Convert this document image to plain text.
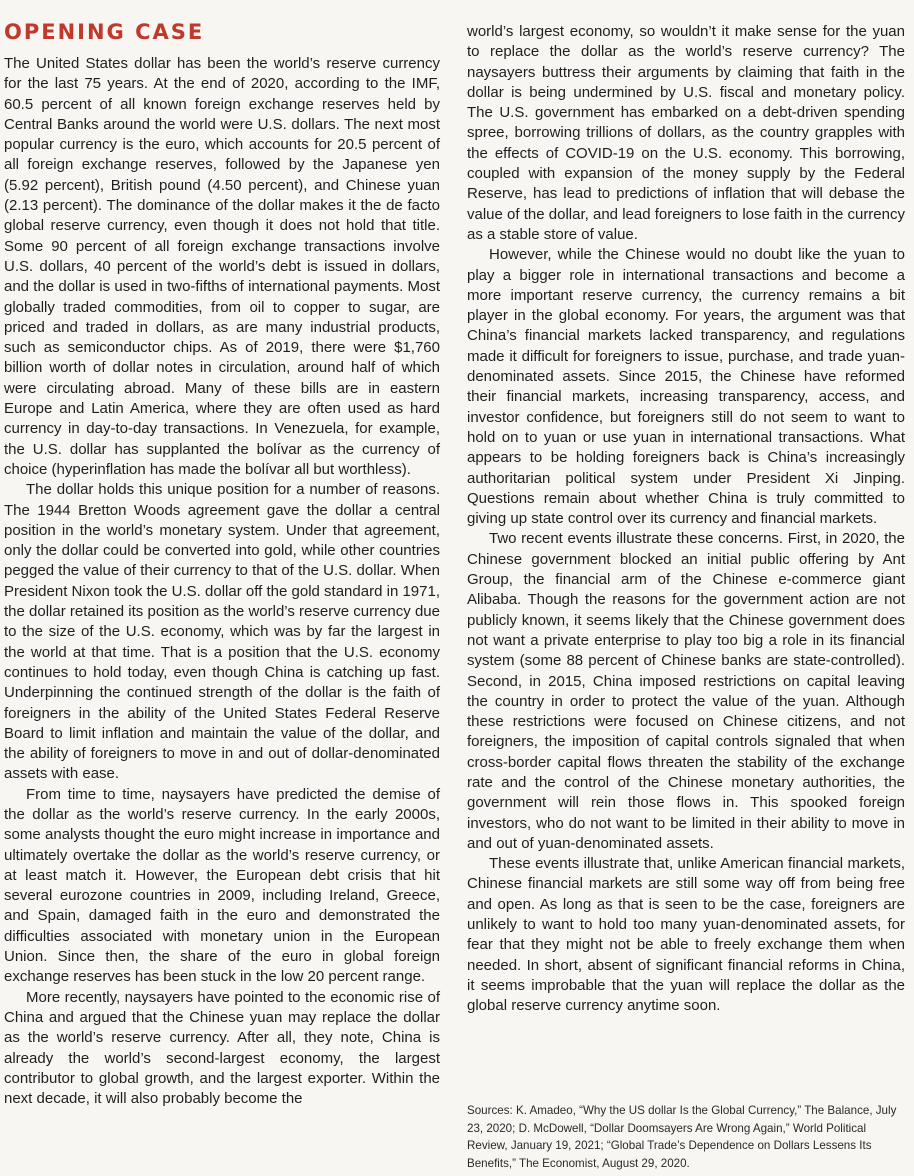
OPENING CASE

The United States dollar has been the world’s reserve currency for the last 75 years. At the end of 2020, according to the IMF, 60.5 percent of all known foreign exchange reserves held by Central Banks around the world were U.S. dollars. The next most popular currency is the euro, which accounts for 20.5 percent of all foreign exchange reserves, followed by the Japanese yen (5.92 percent), British pound (4.50 percent), and Chinese yuan (2.13 percent). The dominance of the dollar makes it the de facto global reserve currency, even though it does not hold that title. Some 90 percent of all foreign exchange transactions involve U.S. dollars, 40 percent of the world’s debt is issued in dollars, and the dollar is used in two-fifths of international payments. Most globally traded commodities, from oil to copper to sugar, are priced and traded in dollars, as are many industrial products, such as semiconductor chips. As of 2019, there were $1,760 billion worth of dollar notes in circulation, around half of which were circulating abroad. Many of these bills are in eastern Europe and Latin America, where they are often used as hard currency in day-to-day transactions. In Venezuela, for example, the U.S. dollar has supplanted the bolívar as the currency of choice (hyperinflation has made the bolívar all but worthless).

The dollar holds this unique position for a number of reasons. The 1944 Bretton Woods agreement gave the dollar a central position in the world’s monetary system. Under that agreement, only the dollar could be converted into gold, while other countries pegged the value of their currency to that of the U.S. dollar. When President Nixon took the U.S. dollar off the gold standard in 1971, the dollar retained its position as the world’s reserve currency due to the size of the U.S. economy, which was by far the largest in the world at that time. That is a position that the U.S. economy continues to hold today, even though China is catching up fast. Underpinning the continued strength of the dollar is the faith of foreigners in the ability of the United States Federal Reserve Board to limit inflation and maintain the value of the dollar, and the ability of foreigners to move in and out of dollar-denominated assets with ease.

From time to time, naysayers have predicted the demise of the dollar as the world’s reserve currency. In the early 2000s, some analysts thought the euro might increase in importance and ultimately overtake the dollar as the world’s reserve currency, or at least match it. However, the European debt crisis that hit several eurozone countries in 2009, including Ireland, Greece, and Spain, damaged faith in the euro and demonstrated the difficulties associated with monetary union in the European Union. Since then, the share of the euro in global foreign exchange reserves has been stuck in the low 20 percent range.

More recently, naysayers have pointed to the economic rise of China and argued that the Chinese yuan may replace the dollar as the world’s reserve currency. After all, they note, China is already the world’s second-largest economy, the largest contributor to global growth, and the largest exporter. Within the next decade, it will also probably become the

world’s largest economy, so wouldn’t it make sense for the yuan to replace the dollar as the world’s reserve currency? The naysayers buttress their arguments by claiming that faith in the dollar is being undermined by U.S. fiscal and monetary policy. The U.S. government has embarked on a debt-driven spending spree, borrowing trillions of dollars, as the country grapples with the effects of COVID-19 on the U.S. economy. This borrowing, coupled with expansion of the money supply by the Federal Reserve, has lead to predictions of inflation that will debase the value of the dollar, and lead foreigners to lose faith in the currency as a stable store of value.

However, while the Chinese would no doubt like the yuan to play a bigger role in international transactions and become a more important reserve currency, the currency remains a bit player in the global economy. For years, the argument was that China’s financial markets lacked transparency, and regulations made it difficult for foreigners to issue, purchase, and trade yuan-denominated assets. Since 2015, the Chinese have reformed their financial markets, increasing transparency, access, and investor confidence, but foreigners still do not seem to want to hold on to yuan or use yuan in international transactions. What appears to be holding foreigners back is China’s increasingly authoritarian political system under President Xi Jinping. Questions remain about whether China is truly committed to giving up state control over its currency and financial markets.

Two recent events illustrate these concerns. First, in 2020, the Chinese government blocked an initial public offering by Ant Group, the financial arm of the Chinese e-commerce giant Alibaba. Though the reasons for the government action are not publicly known, it seems likely that the Chinese government does not want a private enterprise to play too big a role in its financial system (some 88 percent of Chinese banks are state-controlled). Second, in 2015, China imposed restrictions on capital leaving the country in order to protect the value of the yuan. Although these restrictions were focused on Chinese citizens, and not foreigners, the imposition of capital controls signaled that when cross-border capital flows threaten the stability of the exchange rate and the control of the Chinese monetary authorities, the government will rein those flows in. This spooked foreign investors, who do not want to be limited in their ability to move in and out of yuan-denominated assets.

These events illustrate that, unlike American financial markets, Chinese financial markets are still some way off from being free and open. As long as that is seen to be the case, foreigners are unlikely to want to hold too many yuan-denominated assets, for fear that they might not be able to freely exchange them when needed. In short, absent of significant financial reforms in China, it seems improbable that the yuan will replace the dollar as the global reserve currency anytime soon.

Sources: K. Amadeo, “Why the US dollar Is the Global Currency,” The Balance, July 23, 2020; D. McDowell, “Dollar Doomsayers Are Wrong Again,” World Political Review, January 19, 2021; “Global Trade’s Dependence on Dollars Lessens Its Benefits,” The Economist, August 29, 2020.
